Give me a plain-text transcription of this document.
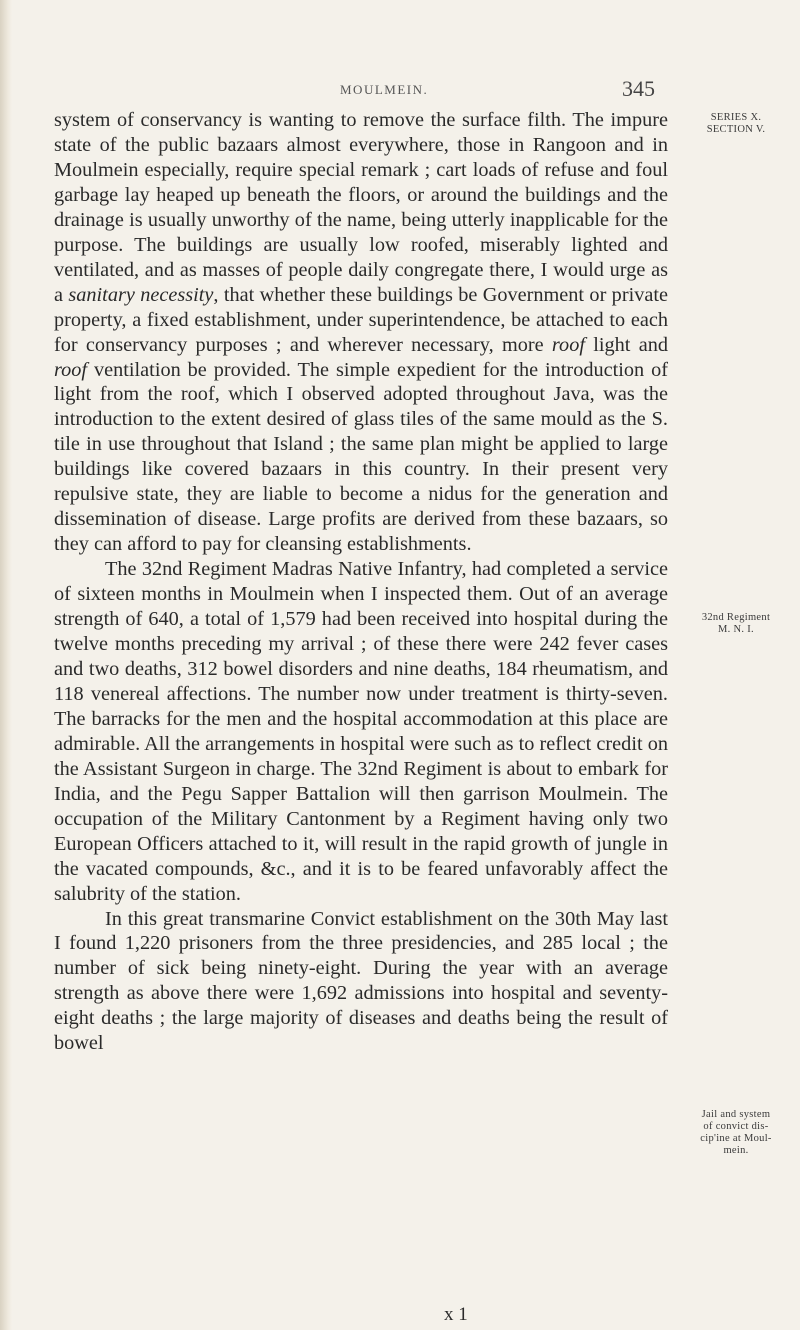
MOULMEIN.	345

system of conservancy is wanting to remove the surface filth. The impure state of the public bazaars almost everywhere, those in Rangoon and in Moulmein especially, require special remark ; cart loads of refuse and foul garbage lay heaped up beneath the floors, or around the buildings and the drainage is usually unworthy of the name, being utterly inapplicable for the purpose. The buildings are usually low roofed, miserably lighted and ventilated, and as masses of people daily congregate there, I would urge as a sanitary necessity, that whether these buildings be Government or private property, a fixed establishment, under superintendence, be attached to each for conservancy purposes ; and wherever necessary, more roof light and roof ventilation be provided. The simple expedient for the introduction of light from the roof, which I observed adopted throughout Java, was the introduction to the extent desired of glass tiles of the same mould as the S. tile in use throughout that Island ; the same plan might be applied to large buildings like covered bazaars in this country. In their present very repulsive state, they are liable to become a nidus for the generation and dissemination of disease. Large profits are derived from these bazaars, so they can afford to pay for cleansing establishments.

The 32nd Regiment Madras Native Infantry, had completed a service of sixteen months in Moulmein when I inspected them. Out of an average strength of 640, a total of 1,579 had been received into hospital during the twelve months preceding my arrival ; of these there were 242 fever cases and two deaths, 312 bowel disorders and nine deaths, 184 rheumatism, and 118 venereal affections. The number now under treatment is thirty-seven. The barracks for the men and the hospital accommodation at this place are admirable. All the arrangements in hospital were such as to reflect credit on the Assistant Surgeon in charge. The 32nd Regiment is about to embark for India, and the Pegu Sapper Battalion will then garrison Moulmein. The occupation of the Military Cantonment by a Regiment having only two European Officers attached to it, will result in the rapid growth of jungle in the vacated compounds, &c., and it is to be feared unfavorably affect the salubrity of the station.

In this great transmarine Convict establishment on the 30th May last I found 1,220 prisoners from the three presidencies, and 285 local ; the number of sick being ninety-eight. During the year with an average strength as above there were 1,692 admissions into hospital and seventy-eight deaths ; the large majority of diseases and deaths being the result of bowel

x 1
SERIES X.
SECTION V.
32nd Regiment
M. N. I.
Jail and system
of convict dis-
cip'ine at Moul-
mein.
